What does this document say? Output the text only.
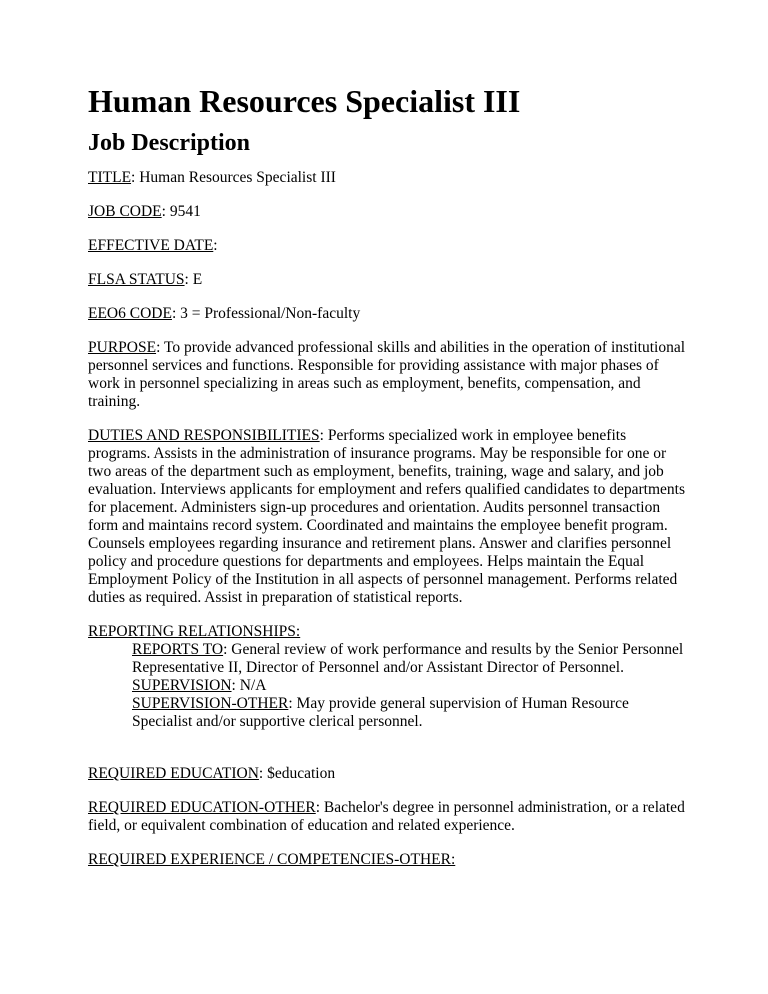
Human Resources Specialist III
Job Description

TITLE: Human Resources Specialist III

JOB CODE: 9541

EFFECTIVE DATE:

FLSA STATUS: E

EEO6 CODE: 3 = Professional/Non-faculty

PURPOSE: To provide advanced professional skills and abilities in the operation of institutional personnel services and functions. Responsible for providing assistance with major phases of work in personnel specializing in areas such as employment, benefits, compensation, and training.

DUTIES AND RESPONSIBILITIES: Performs specialized work in employee benefits programs. Assists in the administration of insurance programs. May be responsible for one or two areas of the department such as employment, benefits, training, wage and salary, and job evaluation. Interviews applicants for employment and refers qualified candidates to departments for placement. Administers sign-up procedures and orientation. Audits personnel transaction form and maintains record system. Coordinated and maintains the employee benefit program. Counsels employees regarding insurance and retirement plans. Answer and clarifies personnel policy and procedure questions for departments and employees. Helps maintain the Equal Employment Policy of the Institution in all aspects of personnel management. Performs related duties as required. Assist in preparation of statistical reports.

REPORTING RELATIONSHIPS:
REPORTS TO: General review of work performance and results by the Senior Personnel Representative II, Director of Personnel and/or Assistant Director of Personnel.
SUPERVISION: N/A
SUPERVISION-OTHER: May provide general supervision of Human Resource Specialist and/or supportive clerical personnel.

REQUIRED EDUCATION: $education

REQUIRED EDUCATION-OTHER: Bachelor's degree in personnel administration, or a related field, or equivalent combination of education and related experience.

REQUIRED EXPERIENCE / COMPETENCIES-OTHER:
